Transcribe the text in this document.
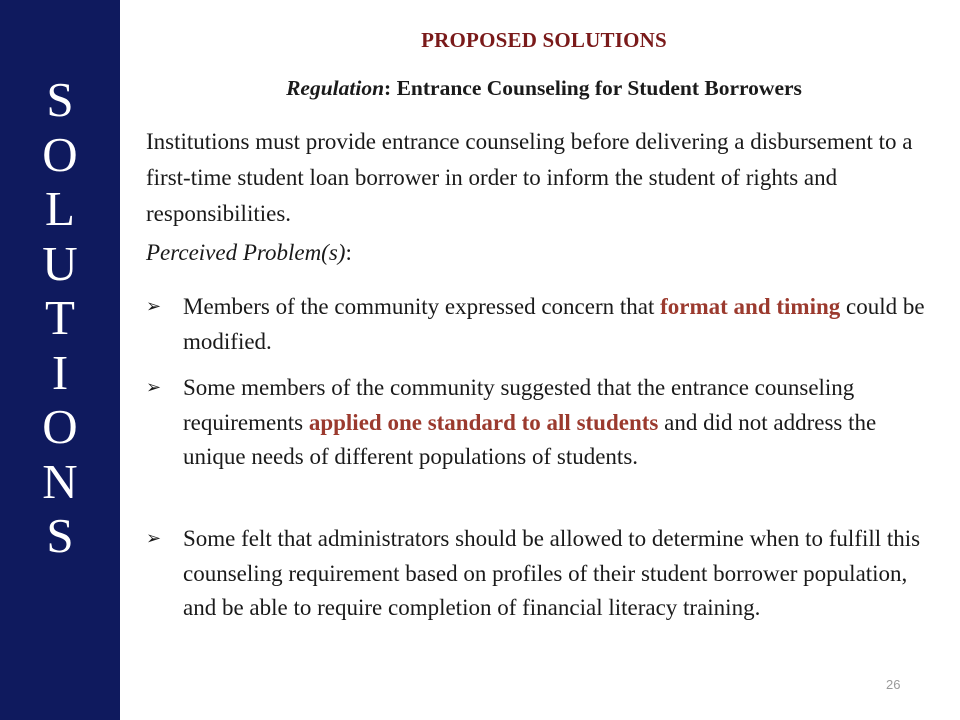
S
O
L
U
T
I
O
N
S
PROPOSED SOLUTIONS
Regulation: Entrance Counseling for Student Borrowers
Institutions must provide entrance counseling before delivering a disbursement to a first-time student loan borrower in order to inform the student of rights and responsibilities.
Perceived Problem(s):
➢ Members of the community expressed concern that format and timing could be modified.
➢ Some members of the community suggested that the entrance counseling requirements applied one standard to all students and did not address the unique needs of different populations of students.
➢ Some felt that administrators should be allowed to determine when to fulfill this counseling requirement based on profiles of their student borrower population, and be able to require completion of financial literacy training.
26
